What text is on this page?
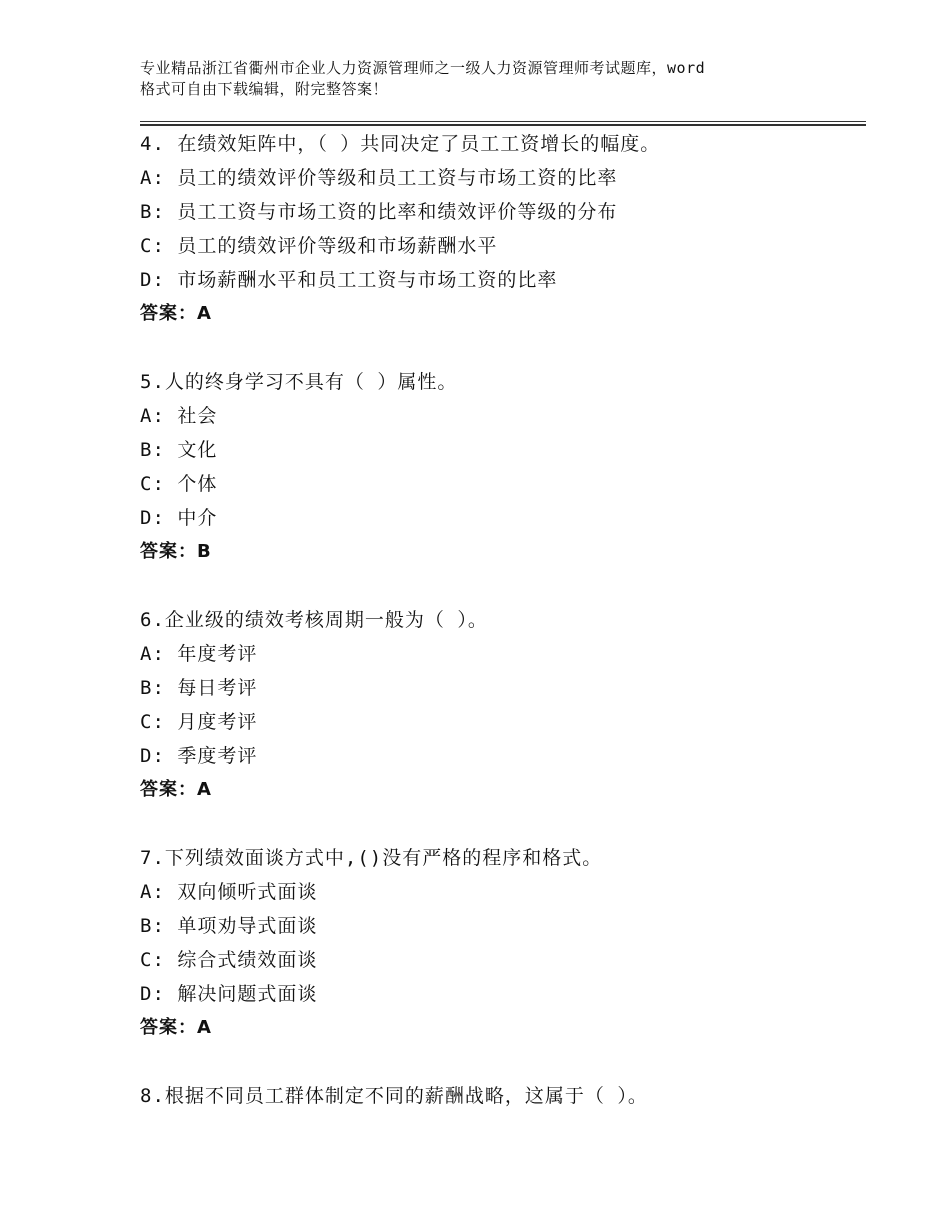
专业精品浙江省衢州市企业人力资源管理师之一级人力资源管理师考试题库，word
格式可自由下载编辑，附完整答案！
4. 在绩效矩阵中，（ ）共同决定了员工工资增长的幅度。
A: 员工的绩效评价等级和员工工资与市场工资的比率
B: 员工工资与市场工资的比率和绩效评价等级的分布
C: 员工的绩效评价等级和市场薪酬水平
D: 市场薪酬水平和员工工资与市场工资的比率
答案：A
5.人的终身学习不具有（ ）属性。
A: 社会
B: 文化
C: 个体
D: 中介
答案：B
6.企业级的绩效考核周期一般为（ ）。
A: 年度考评
B: 每日考评
C: 月度考评
D: 季度考评
答案：A
7.下列绩效面谈方式中,()没有严格的程序和格式。
A: 双向倾听式面谈
B: 单项劝导式面谈
C: 综合式绩效面谈
D: 解决问题式面谈
答案：A
8.根据不同员工群体制定不同的薪酬战略，这属于（ ）。
